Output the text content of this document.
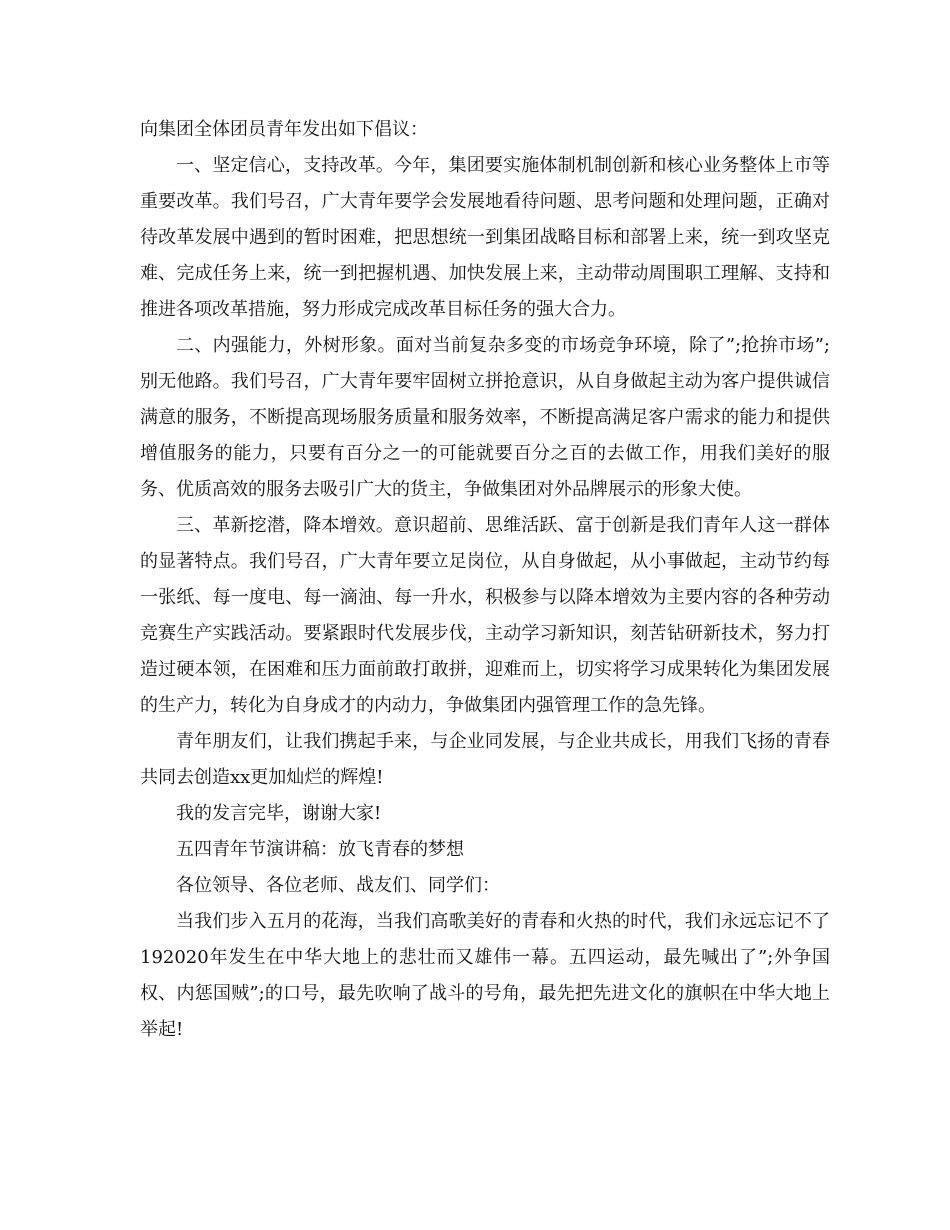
向集团全体团员青年发出如下倡议：

一、坚定信心，支持改革。今年，集团要实施体制机制创新和核心业务整体上市等重要改革。我们号召，广大青年要学会发展地看待问题、思考问题和处理问题，正确对待改革发展中遇到的暂时困难，把思想统一到集团战略目标和部署上来，统一到攻坚克难、完成任务上来，统一到把握机遇、加快发展上来，主动带动周围职工理解、支持和推进各项改革措施，努力形成完成改革目标任务的强大合力。

二、内强能力，外树形象。面对当前复杂多变的市场竞争环境，除了”;抢拚市场”;别无他路。我们号召，广大青年要牢固树立拼抢意识，从自身做起主动为客户提供诚信满意的服务，不断提高现场服务质量和服务效率，不断提高满足客户需求的能力和提供增值服务的能力，只要有百分之一的可能就要百分之百的去做工作，用我们美好的服务、优质高效的服务去吸引广大的货主，争做集团对外品牌展示的形象大使。

三、革新挖潜，降本增效。意识超前、思维活跃、富于创新是我们青年人这一群体的显著特点。我们号召，广大青年要立足岗位，从自身做起，从小事做起，主动节约每一张纸、每一度电、每一滴油、每一升水，积极参与以降本增效为主要内容的各种劳动竞赛生产实践活动。要紧跟时代发展步伐，主动学习新知识，刻苦钻研新技术，努力打造过硬本领，在困难和压力面前敢打敢拼，迎难而上，切实将学习成果转化为集团发展的生产力，转化为自身成才的内动力，争做集团内强管理工作的急先锋。

青年朋友们，让我们携起手来，与企业同发展，与企业共成长，用我们飞扬的青春共同去创造xx更加灿烂的辉煌!

我的发言完毕，谢谢大家!

五四青年节演讲稿：放飞青春的梦想

各位领导、各位老师、战友们、同学们：

当我们步入五月的花海，当我们高歌美好的青春和火热的时代，我们永远忘记不了192020年发生在中华大地上的悲壮而又雄伟一幕。五四运动，最先喊出了”;外争国权、内惩国贼”;的口号，最先吹响了战斗的号角，最先把先进文化的旗帜在中华大地上举起!
